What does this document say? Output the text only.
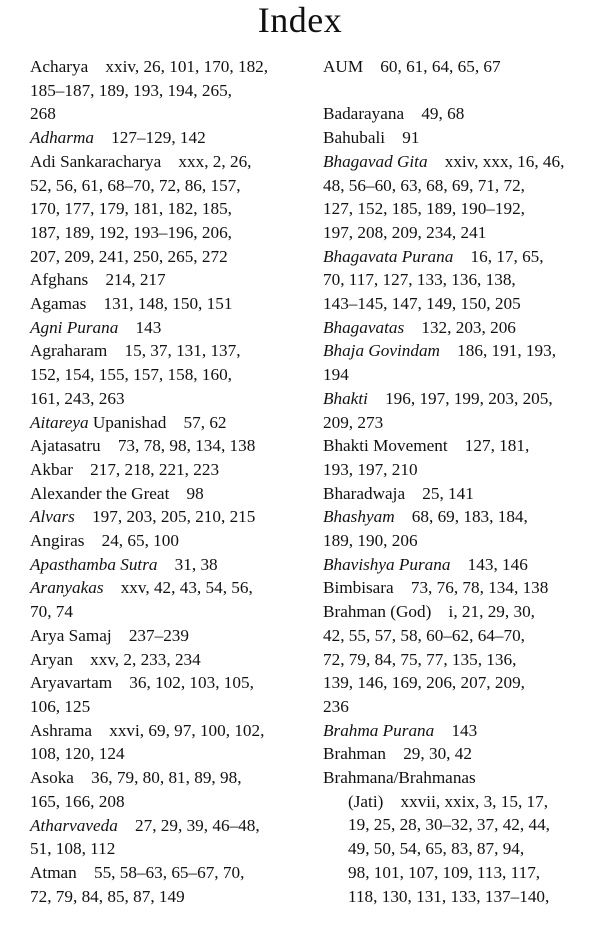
Index
Acharya xxiv, 26, 101, 170, 182,
185–187, 189, 193, 194, 265,
268
Adharma 127–129, 142
Adi Sankaracharya xxx, 2, 26,
52, 56, 61, 68–70, 72, 86, 157,
170, 177, 179, 181, 182, 185,
187, 189, 192, 193–196, 206,
207, 209, 241, 250, 265, 272
Afghans 214, 217
Agamas 131, 148, 150, 151
Agni Purana 143
Agraharam 15, 37, 131, 137,
152, 154, 155, 157, 158, 160,
161, 243, 263
Aitareya Upanishad 57, 62
Ajatasatru 73, 78, 98, 134, 138
Akbar 217, 218, 221, 223
Alexander the Great 98
Alvars 197, 203, 205, 210, 215
Angiras 24, 65, 100
Apasthamba Sutra 31, 38
Aranyakas xxv, 42, 43, 54, 56,
70, 74
Arya Samaj 237–239
Aryan xxv, 2, 233, 234
Aryavartam 36, 102, 103, 105,
106, 125
Ashrama xxvi, 69, 97, 100, 102,
108, 120, 124
Asoka 36, 79, 80, 81, 89, 98,
165, 166, 208
Atharvaveda 27, 29, 39, 46–48,
51, 108, 112
Atman 55, 58–63, 65–67, 70,
72, 79, 84, 85, 87, 149
AUM 60, 61, 64, 65, 67
Badarayana 49, 68
Bahubali 91
Bhagavad Gita xxiv, xxx, 16, 46,
48, 56–60, 63, 68, 69, 71, 72,
127, 152, 185, 189, 190–192,
197, 208, 209, 234, 241
Bhagavata Purana 16, 17, 65,
70, 117, 127, 133, 136, 138,
143–145, 147, 149, 150, 205
Bhagavatas 132, 203, 206
Bhaja Govindam 186, 191, 193,
194
Bhakti 196, 197, 199, 203, 205,
209, 273
Bhakti Movement 127, 181,
193, 197, 210
Bharadwaja 25, 141
Bhashyam 68, 69, 183, 184,
189, 190, 206
Bhavishya Purana 143, 146
Bimbisara 73, 76, 78, 134, 138
Brahman (God) i, 21, 29, 30,
42, 55, 57, 58, 60–62, 64–70,
72, 79, 84, 75, 77, 135, 136,
139, 146, 169, 206, 207, 209,
236
Brahma Purana 143
Brahman 29, 30, 42
Brahmana/Brahmanas
(Jati) xxvii, xxix, 3, 15, 17,
19, 25, 28, 30–32, 37, 42, 44,
49, 50, 54, 65, 83, 87, 94,
98, 101, 107, 109, 113, 117,
118, 130, 131, 133, 137–140,
